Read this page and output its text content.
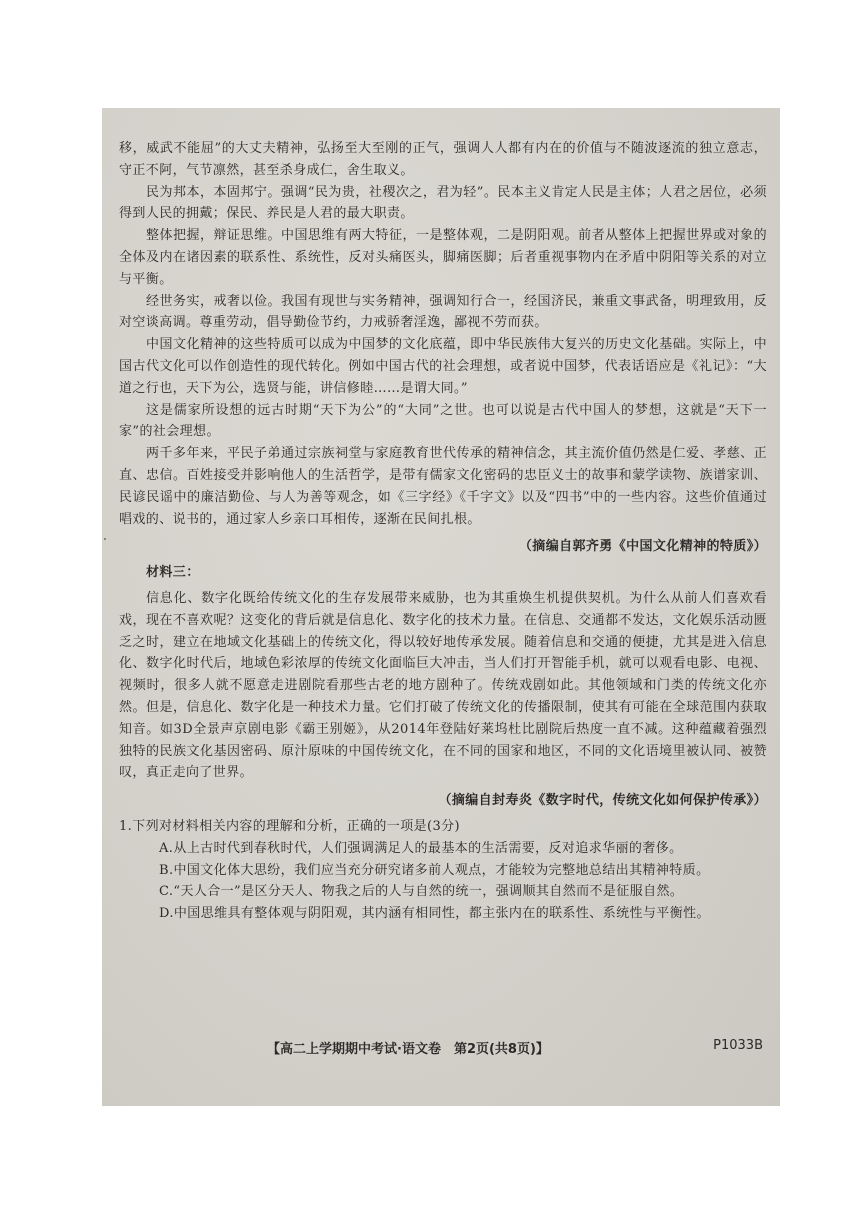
移，威武不能屈”的大丈夫精神，弘扬至大至刚的正气，强调人人都有内在的价值与不随波逐流的独立意志，守正不阿，气节凛然，甚至杀身成仁，舍生取义。

民为邦本，本固邦宁。强调“民为贵，社稷次之，君为轻”。民本主义肯定人民是主体；人君之居位，必须得到人民的拥戴；保民、养民是人君的最大职责。

整体把握，辩证思维。中国思维有两大特征，一是整体观，二是阴阳观。前者从整体上把握世界或对象的全体及内在诸因素的联系性、系统性，反对头痛医头，脚痛医脚；后者重视事物内在矛盾中阴阳等关系的对立与平衡。

经世务实，戒奢以俭。我国有现世与实务精神，强调知行合一，经国济民，兼重文事武备，明理致用，反对空谈高调。尊重劳动，倡导勤俭节约，力戒骄奢淫逸，鄙视不劳而获。

中国文化精神的这些特质可以成为中国梦的文化底蕴，即中华民族伟大复兴的历史文化基础。实际上，中国古代文化可以作创造性的现代转化。例如中国古代的社会理想，或者说中国梦，代表话语应是《礼记》：“大道之行也，天下为公，选贤与能，讲信修睦……是谓大同。”

这是儒家所设想的远古时期“天下为公”的“大同”之世。也可以说是古代中国人的梦想，这就是“天下一家”的社会理想。

两千多年来，平民子弟通过宗族祠堂与家庭教育世代传承的精神信念，其主流价值仍然是仁爱、孝慈、正直、忠信。百姓接受并影响他人的生活哲学，是带有儒家文化密码的忠臣义士的故事和蒙学读物、族谱家训、民谚民谣中的廉洁勤俭、与人为善等观念，如《三字经》《千字文》以及“四书”中的一些内容。这些价值通过唱戏的、说书的，通过家人乡亲口耳相传，逐渐在民间扎根。

（摘编自郭齐勇《中国文化精神的特质》）

材料三：

信息化、数字化既给传统文化的生存发展带来威胁，也为其重焕生机提供契机。为什么从前人们喜欢看戏，现在不喜欢呢？这变化的背后就是信息化、数字化的技术力量。在信息、交通都不发达，文化娱乐活动匮乏之时，建立在地域文化基础上的传统文化，得以较好地传承发展。随着信息和交通的便捷，尤其是进入信息化、数字化时代后，地域色彩浓厚的传统文化面临巨大冲击，当人们打开智能手机，就可以观看电影、电视、视频时，很多人就不愿意走进剧院看那些古老的地方剧种了。传统戏剧如此。其他领域和门类的传统文化亦然。但是，信息化、数字化是一种技术力量。它们打破了传统文化的传播限制，使其有可能在全球范围内获取知音。如3D全景声京剧电影《霸王别姬》，从2014年登陆好莱坞杜比剧院后热度一直不减。这种蕴藏着强烈独特的民族文化基因密码、原汁原味的中国传统文化，在不同的国家和地区，不同的文化语境里被认同、被赞叹，真正走向了世界。

（摘编自封寿炎《数字时代，传统文化如何保护传承》）

1.下列对材料相关内容的理解和分析，正确的一项是(3分)

A.从上古时代到春秋时代，人们强调满足人的最基本的生活需要，反对追求华丽的奢侈。

B.中国文化体大思纷，我们应当充分研究诸多前人观点，才能较为完整地总结出其精神特质。

C.“天人合一”是区分天人、物我之后的人与自然的统一，强调顺其自然而不是征服自然。

D.中国思维具有整体观与阴阳观，其内涵有相同性，都主张内在的联系性、系统性与平衡性。

【高二上学期期中考试·语文卷　第2页(共8页)】	P1033B
